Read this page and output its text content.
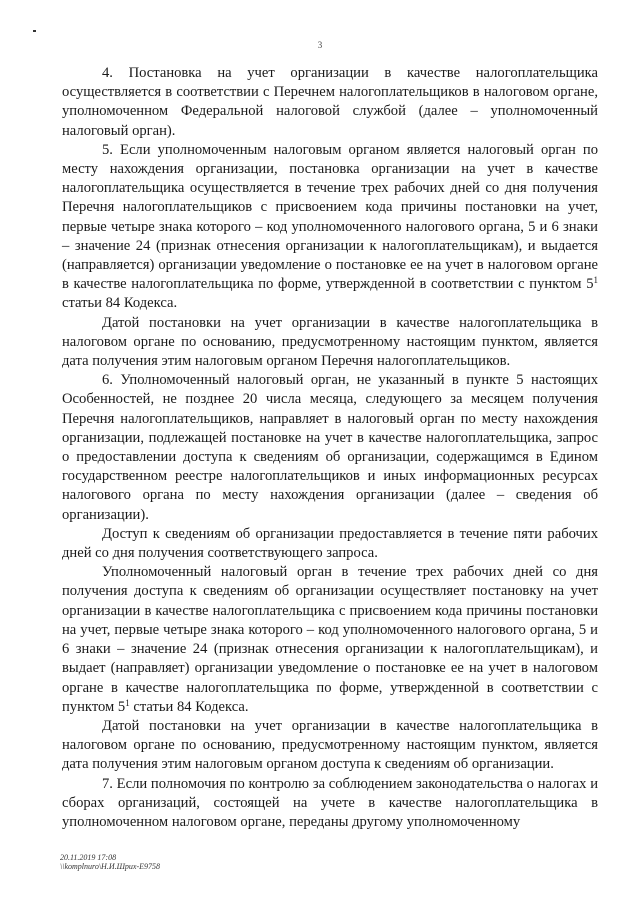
3

4. Постановка на учет организации в качестве налогоплательщика осуществляется в соответствии с Перечнем налогоплательщиков в налоговом органе, уполномоченном Федеральной налоговой службой (далее – уполномоченный налоговый орган).

5. Если уполномоченным налоговым органом является налоговый орган по месту нахождения организации, постановка организации на учет в качестве налогоплательщика осуществляется в течение трех рабочих дней со дня получения Перечня налогоплательщиков с присвоением кода причины постановки на учет, первые четыре знака которого – код уполномоченного налогового органа, 5 и 6 знаки – значение 24 (признак отнесения организации к налогоплательщикам), и выдается (направляется) организации уведомление о постановке ее на учет в налоговом органе в качестве налогоплательщика по форме, утвержденной в соответствии с пунктом $5^1$ статьи 84 Кодекса.

Датой постановки на учет организации в качестве налогоплательщика в налоговом органе по основанию, предусмотренному настоящим пунктом, является дата получения этим налоговым органом Перечня налогоплательщиков.

6. Уполномоченный налоговый орган, не указанный в пункте 5 настоящих Особенностей, не позднее 20 числа месяца, следующего за месяцем получения Перечня налогоплательщиков, направляет в налоговый орган по месту нахождения организации, подлежащей постановке на учет в качестве налогоплательщика, запрос о предоставлении доступа к сведениям об организации, содержащимся в Едином государственном реестре налогоплательщиков и иных информационных ресурсах налогового органа по месту нахождения организации (далее – сведения об организации).

Доступ к сведениям об организации предоставляется в течение пяти рабочих дней со дня получения соответствующего запроса.

Уполномоченный налоговый орган в течение трех рабочих дней со дня получения доступа к сведениям об организации осуществляет постановку на учет организации в качестве налогоплательщика с присвоением кода причины постановки на учет, первые четыре знака которого – код уполномоченного налогового органа, 5 и 6 знаки – значение 24 (признак отнесения организации к налогоплательщикам), и выдает (направляет) организации уведомление о постановке ее на учет в налоговом органе в качестве налогоплательщика по форме, утвержденной в соответствии с пунктом $5^1$ статьи 84 Кодекса.

Датой постановки на учет организации в качестве налогоплательщика в налоговом органе по основанию, предусмотренному настоящим пунктом, является дата получения этим налоговым органом доступа к сведениям об организации.

7. Если полномочия по контролю за соблюдением законодательства о налогах и сборах организаций, состоящей на учете в качестве налогоплательщика в уполномоченном налоговом органе, переданы другому уполномоченному

20.11.2019 17:08
\\komplnuro\Н.И.Шрих-Е9758
